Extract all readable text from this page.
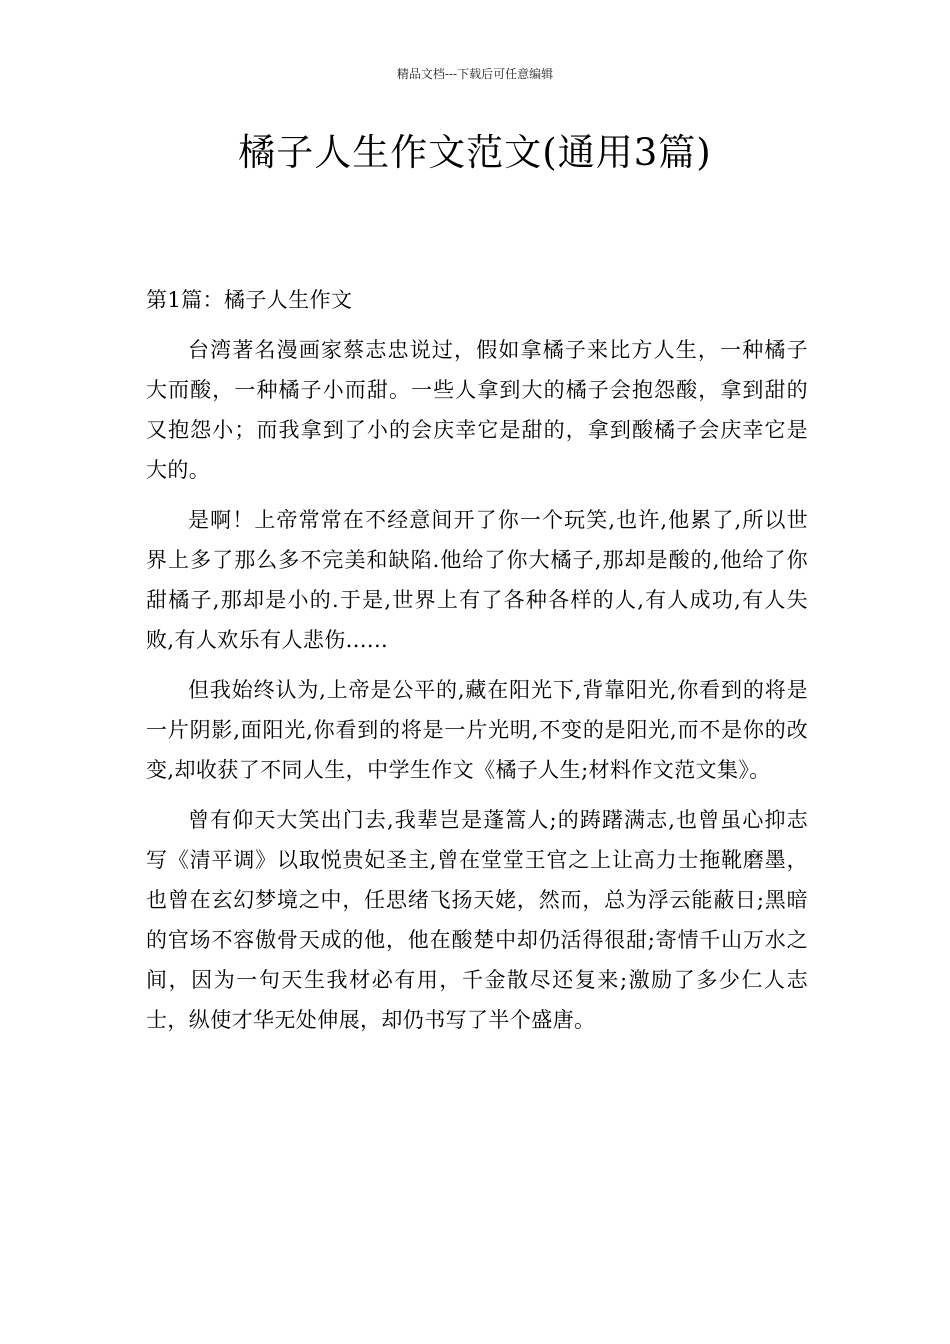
精品文档---下载后可任意编辑
橘子人生作文范文(通用3篇)
第1篇：橘子人生作文

台湾著名漫画家蔡志忠说过，假如拿橘子来比方人生，一种橘子大而酸，一种橘子小而甜。一些人拿到大的橘子会抱怨酸，拿到甜的又抱怨小；而我拿到了小的会庆幸它是甜的，拿到酸橘子会庆幸它是大的。

是啊！上帝常常在不经意间开了你一个玩笑,也许,他累了,所以世界上多了那么多不完美和缺陷.他给了你大橘子,那却是酸的,他给了你甜橘子,那却是小的.于是,世界上有了各种各样的人,有人成功,有人失败,有人欢乐有人悲伤......

但我始终认为,上帝是公平的,藏在阳光下,背靠阳光,你看到的将是一片阴影,面阳光,你看到的将是一片光明,不变的是阳光,而不是你的改变,却收获了不同人生，中学生作文《橘子人生;材料作文范文集》。

曾有仰天大笑出门去,我辈岂是蓬篙人;的踌躇满志,也曾虽心抑志写《清平调》以取悦贵妃圣主,曾在堂堂王官之上让高力士拖靴磨墨，也曾在玄幻梦境之中，任思绪飞扬天姥，然而，总为浮云能蔽日;黑暗的官场不容傲骨天成的他，他在酸楚中却仍活得很甜;寄情千山万水之间，因为一句天生我材必有用，千金散尽还复来;激励了多少仁人志士，纵使才华无处伸展，却仍书写了半个盛唐。
